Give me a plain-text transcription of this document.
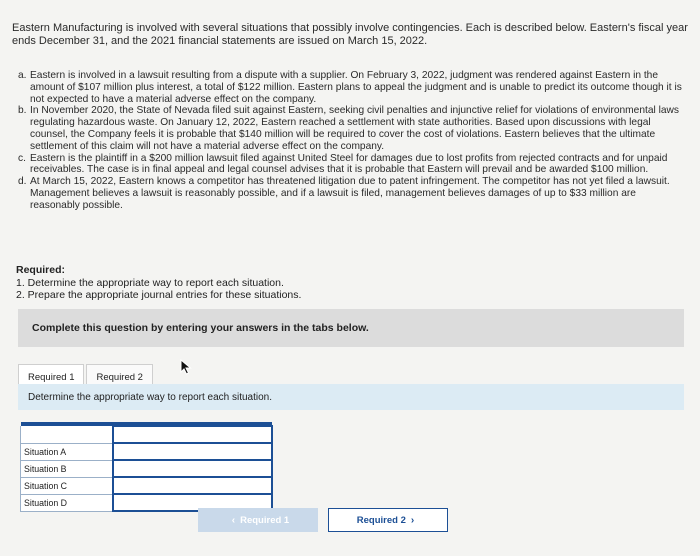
Eastern Manufacturing is involved with several situations that possibly involve contingencies. Each is described below. Eastern's fiscal year ends December 31, and the 2021 financial statements are issued on March 15, 2022.
a. Eastern is involved in a lawsuit resulting from a dispute with a supplier. On February 3, 2022, judgment was rendered against Eastern in the amount of $107 million plus interest, a total of $122 million. Eastern plans to appeal the judgment and is unable to predict its outcome though it is not expected to have a material adverse effect on the company.
b. In November 2020, the State of Nevada filed suit against Eastern, seeking civil penalties and injunctive relief for violations of environmental laws regulating hazardous waste. On January 12, 2022, Eastern reached a settlement with state authorities. Based upon discussions with legal counsel, the Company feels it is probable that $140 million will be required to cover the cost of violations. Eastern believes that the ultimate settlement of this claim will not have a material adverse effect on the company.
c. Eastern is the plaintiff in a $200 million lawsuit filed against United Steel for damages due to lost profits from rejected contracts and for unpaid receivables. The case is in final appeal and legal counsel advises that it is probable that Eastern will prevail and be awarded $100 million.
d. At March 15, 2022, Eastern knows a competitor has threatened litigation due to patent infringement. The competitor has not yet filed a lawsuit. Management believes a lawsuit is reasonably possible, and if a lawsuit is filed, management believes damages of up to $33 million are reasonably possible.
Required:
1. Determine the appropriate way to report each situation.
2. Prepare the appropriate journal entries for these situations.
Complete this question by entering your answers in the tabs below.
Required 1	Required 2
Determine the appropriate way to report each situation.

Situation A	
Situation B	
Situation C	
Situation D	
‹ Required 1	Required 2 ›
